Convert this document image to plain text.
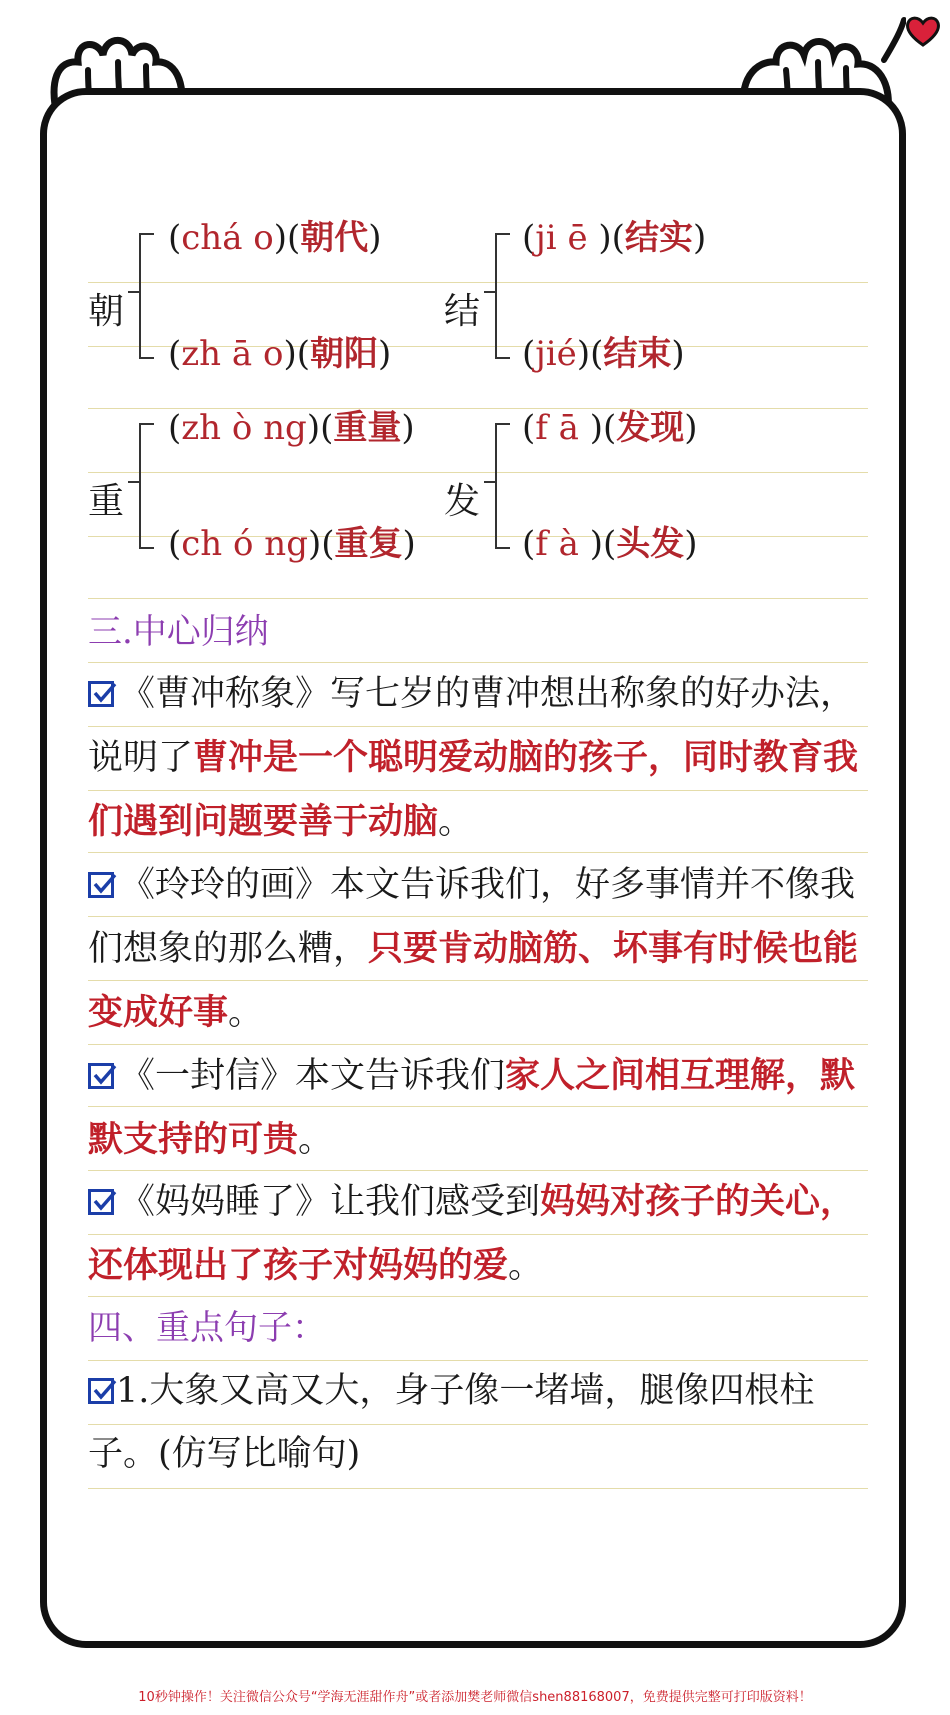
朝
(chá o)(朝代)
(zh ā o)(朝阳)
结
(ji ē )(结实)
(jié)(结束)
重
(zh ò ng)(重量)
(ch ó ng)(重复)
发
(f ā )(发现)
(f à )(头发)
三.中心归纳
《曹冲称象》写七岁的曹冲想出称象的好办法，说明了曹冲是一个聪明爱动脑的孩子，同时教育我们遇到问题要善于动脑。
《玲玲的画》本文告诉我们，好多事情并不像我们想象的那么糟，只要肯动脑筋、坏事有时候也能变成好事。
《一封信》本文告诉我们家人之间相互理解，默默支持的可贵。
《妈妈睡了》让我们感受到妈妈对孩子的关心，还体现出了孩子对妈妈的爱。
四、重点句子：
1.大象又高又大，身子像一堵墙，腿像四根柱子。(仿写比喻句)
10秒钟操作！关注微信公众号“学海无涯甜作舟”或者添加樊老师微信shen88168007，免费提供完整可打印版资料！
